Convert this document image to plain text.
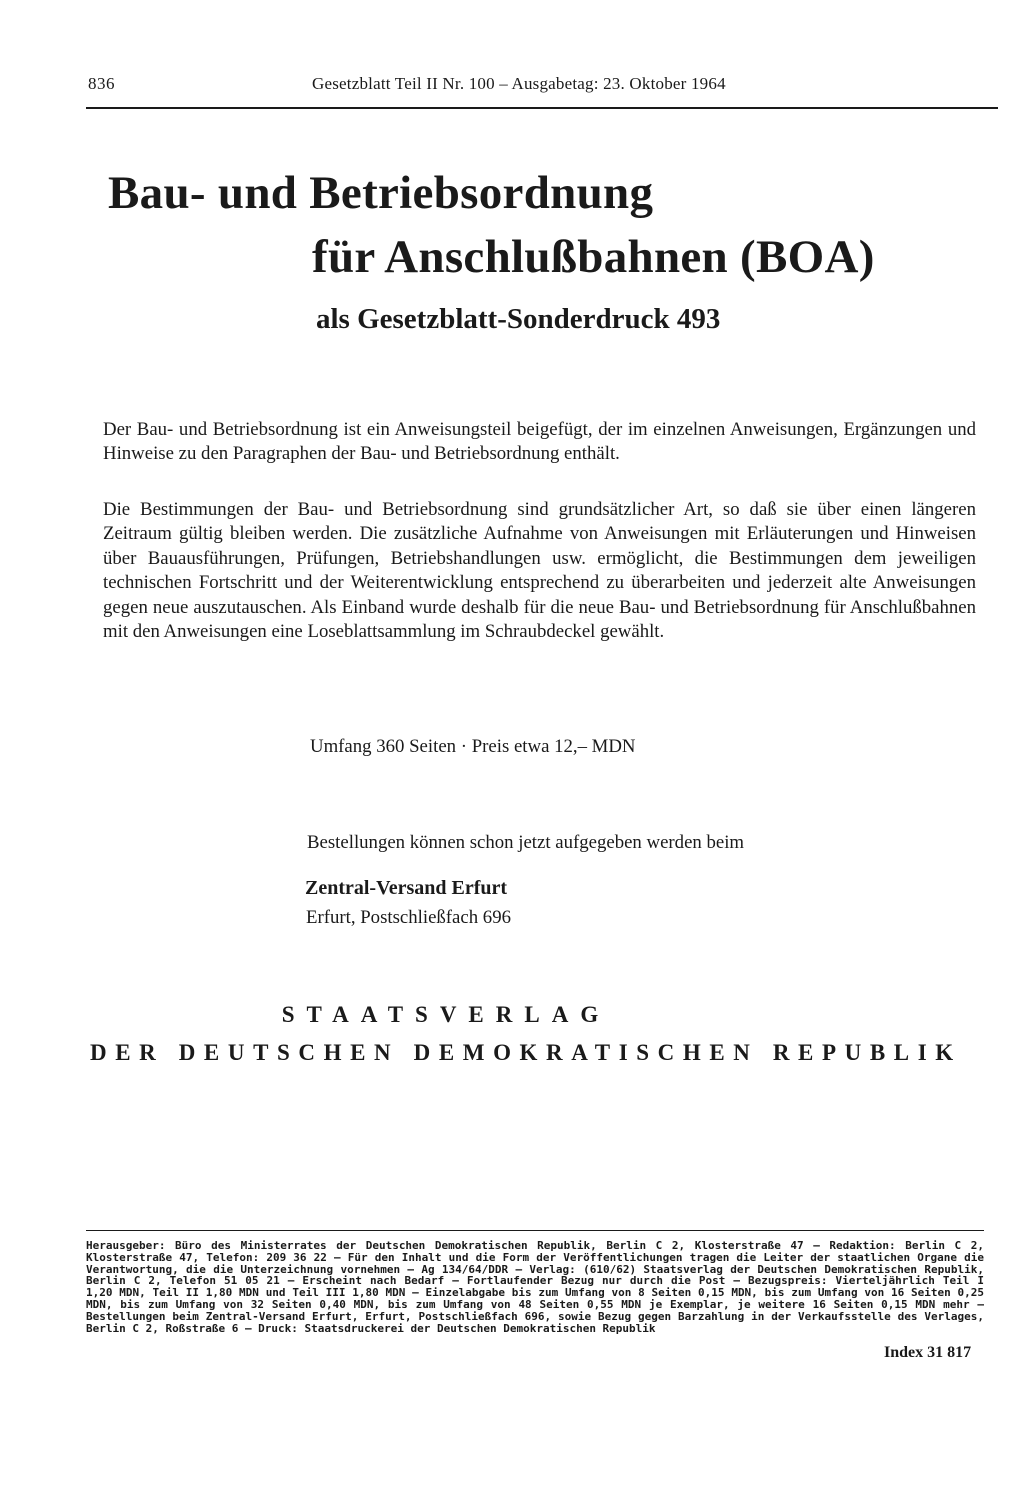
836	Gesetzblatt Teil II Nr. 100 – Ausgabetag: 23. Oktober 1964
Bau- und Betriebsordnung
für Anschlußbahnen (BOA)
als Gesetzblatt-Sonderdruck 493

Der Bau- und Betriebsordnung ist ein Anweisungsteil beigefügt, der im einzelnen Anweisungen, Ergänzungen und Hinweise zu den Paragraphen der Bau- und Betriebsordnung enthält.

Die Bestimmungen der Bau- und Betriebsordnung sind grundsätzlicher Art, so daß sie über einen längeren Zeitraum gültig bleiben werden. Die zusätzliche Aufnahme von Anweisungen mit Erläuterungen und Hinweisen über Bauausführungen, Prüfungen, Betriebshandlungen usw. ermöglicht, die Bestimmungen dem jeweiligen technischen Fortschritt und der Weiterentwicklung entsprechend zu überarbeiten und jederzeit alte Anweisungen gegen neue auszutauschen. Als Einband wurde deshalb für die neue Bau- und Betriebsordnung für Anschlußbahnen mit den Anweisungen eine Loseblattsammlung im Schraubdeckel gewählt.

Umfang 360 Seiten · Preis etwa 12,– MDN
Bestellungen können schon jetzt aufgegeben werden beim
Zentral-Versand Erfurt
Erfurt, Postschließfach 696
STAATSVERLAG
DER DEUTSCHEN DEMOKRATISCHEN REPUBLIK
Herausgeber: Büro des Ministerrates der Deutschen Demokratischen Republik, Berlin C 2, Klosterstraße 47 – Redaktion: Berlin C 2, Klosterstraße 47, Telefon: 209 36 22 – Für den Inhalt und die Form der Veröffentlichungen tragen die Leiter der staatlichen Organe die Verantwortung, die die Unterzeichnung vornehmen – Ag 134/64/DDR – Verlag: (610/62) Staatsverlag der Deutschen Demokratischen Republik, Berlin C 2, Telefon 51 05 21 – Erscheint nach Bedarf – Fortlaufender Bezug nur durch die Post – Bezugspreis: Vierteljährlich Teil I 1,20 MDN, Teil II 1,80 MDN und Teil III 1,80 MDN – Einzelabgabe bis zum Umfang von 8 Seiten 0,15 MDN, bis zum Umfang von 16 Seiten 0,25 MDN, bis zum Umfang von 32 Seiten 0,40 MDN, bis zum Umfang von 48 Seiten 0,55 MDN je Exemplar, je weitere 16 Seiten 0,15 MDN mehr – Bestellungen beim Zentral-Versand Erfurt, Erfurt, Postschließfach 696, sowie Bezug gegen Barzahlung in der Verkaufsstelle des Verlages, Berlin C 2, Roßstraße 6 – Druck: Staatsdruckerei der Deutschen Demokratischen Republik
Index 31 817
